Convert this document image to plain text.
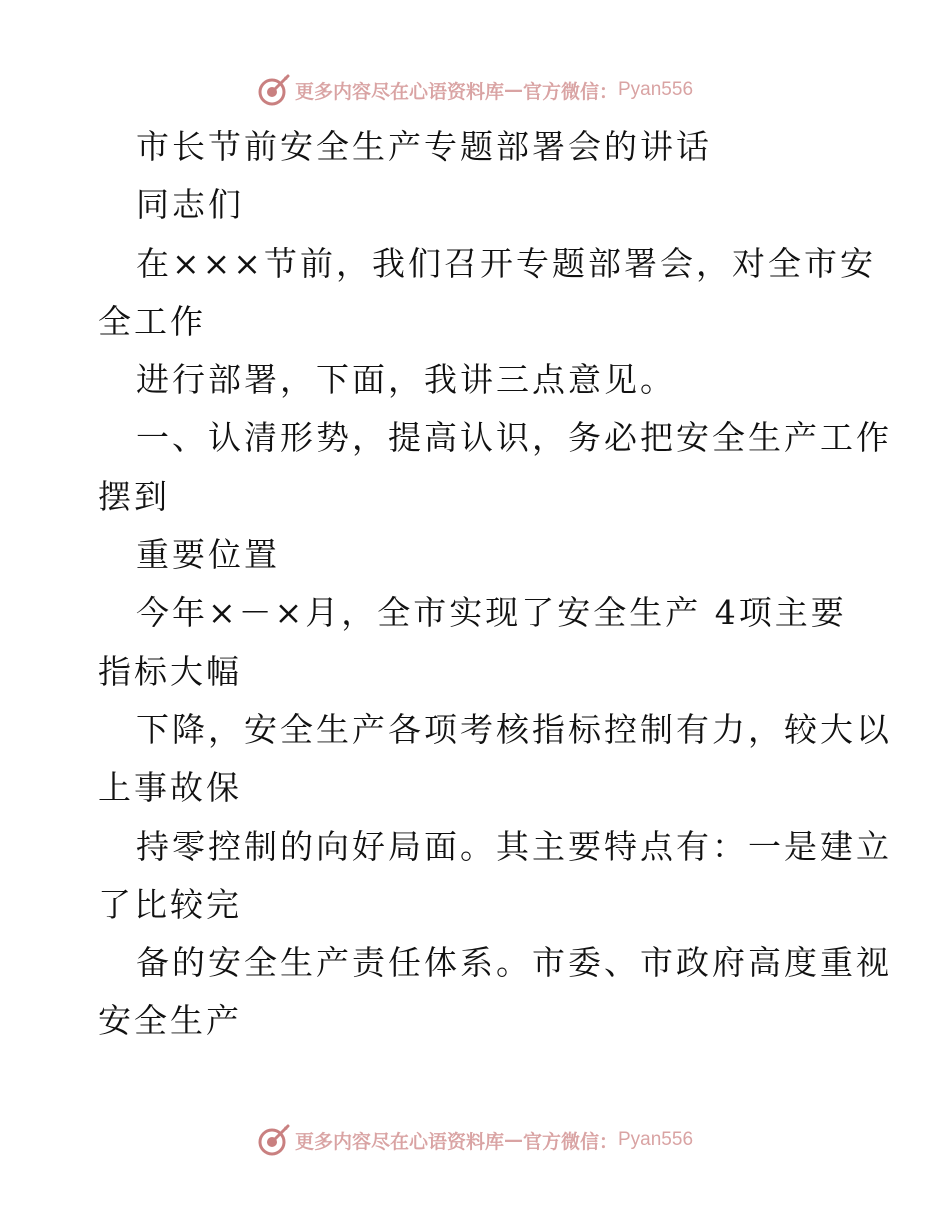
更多内容尽在心语资料库 — 官方微信： Pyan556
市长节前安全生产专题部署会的讲话
同志们
在×××节前，我们召开专题部署会，对全市安
全工作
进行部署，下面，我讲三点意见。
一、认清形势，提高认识，务必把安全生产工作
摆到
重要位置
今年×－×月，全市实现了安全生产 4项主要
指标大幅
下降，安全生产各项考核指标控制有力，较大以
上事故保
持零控制的向好局面。其主要特点有：一是建立
了比较完
备的安全生产责任体系。市委、市政府高度重视
安全生产
更多内容尽在心语资料库 — 官方微信： Pyan556
